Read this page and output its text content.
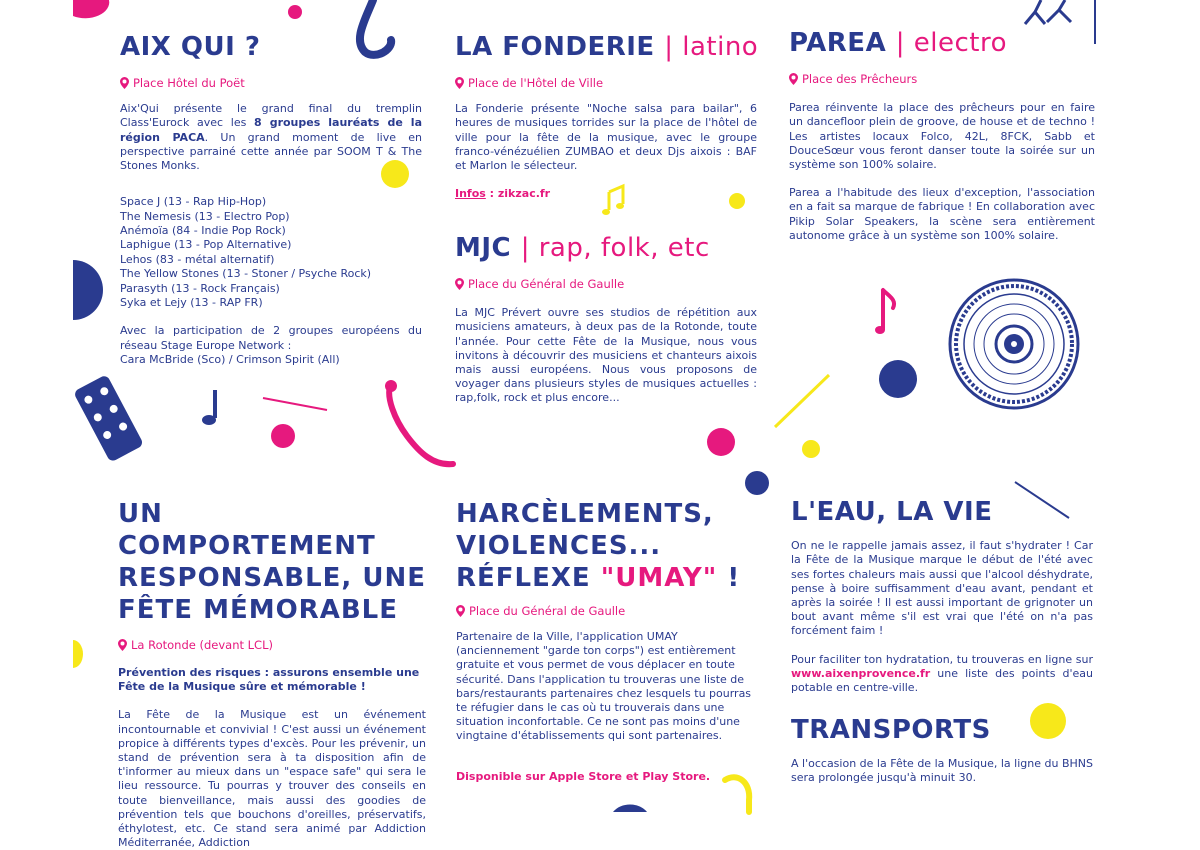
AIX QUI ?
Place Hôtel du Poët
Aix'Qui présente le grand final du tremplin Class'Eurock avec les 8 groupes lauréats de la région PACA. Un grand moment de live en perspective parrainé cette année par SOOM T & The Stones Monks.
Space J (13 - Rap Hip-Hop)
The Nemesis (13 - Electro Pop)
Anémoïa (84 - Indie Pop Rock)
Laphigue (13 - Pop Alternative)
Lehos (83 - métal alternatif)
The Yellow Stones (13 - Stoner / Psyche Rock)
Parasyth (13 - Rock Français)
Syka et Lejy (13 - RAP FR)
Avec la participation de 2 groupes européens du réseau Stage Europe Network :
Cara McBride (Sco) / Crimson Spirit (All)
LA FONDERIE | latino
Place de l'Hôtel de Ville
La Fonderie présente "Noche salsa para bailar", 6 heures de musiques torrides sur la place de l'hôtel de ville pour la fête de la musique, avec le groupe franco-vénézuélien ZUMBAO et deux Djs aixois : BAF et Marlon le sélecteur.
Infos : zikzac.fr
PAREA | electro
Place des Prêcheurs
Parea réinvente la place des prêcheurs pour en faire un dancefloor plein de groove, de house et de techno ! Les artistes locaux Folco, 42L, 8FCK, Sabb et DouceSœur vous feront danser toute la soirée sur un système son 100% solaire.
Parea a l'habitude des lieux d'exception, l'association en a fait sa marque de fabrique ! En collaboration avec Pikip Solar Speakers, la scène sera entièrement autonome grâce à un système son 100% solaire.
MJC | rap, folk, etc
Place du Général de Gaulle
La MJC Prévert ouvre ses studios de répétition aux musiciens amateurs, à deux pas de la Rotonde, toute l'année. Pour cette Fête de la Musique, nous vous invitons à découvrir des musiciens et chanteurs aixois mais aussi européens. Nous vous proposons de voyager dans plusieurs styles de musiques actuelles : rap,folk, rock et plus encore...
UN COMPORTEMENT
RESPONSABLE, UNE
FÊTE MÉMORABLE
La Rotonde (devant LCL)
Prévention des risques : assurons ensemble une Fête de la Musique sûre et mémorable !
La Fête de la Musique est un événement incontournable et convivial ! C'est aussi un événement propice à différents types d'excès. Pour les prévenir, un stand de prévention sera à ta disposition afin de t'informer au mieux dans un "espace safe" qui sera le lieu ressource. Tu pourras y trouver des conseils en toute bienveillance, mais aussi des goodies de prévention tels que bouchons d'oreilles, préservatifs, éthylotest, etc. Ce stand sera animé par Addiction Méditerranée, Addiction
HARCÈLEMENTS,
VIOLENCES...
RÉFLEXE "UMAY" !
Place du Général de Gaulle
Partenaire de la Ville, l'application UMAY (anciennement "garde ton corps") est entièrement gratuite et vous permet de vous déplacer en toute sécurité. Dans l'application tu trouveras une liste de bars/restaurants partenaires chez lesquels tu pourras te réfugier dans le cas où tu trouverais dans une situation inconfortable. Ce ne sont pas moins d'une vingtaine d'établissements qui sont partenaires.
Disponible sur Apple Store et Play Store.
L'EAU, LA VIE
On ne le rappelle jamais assez, il faut s'hydrater ! Car la Fête de la Musique marque le début de l'été avec ses fortes chaleurs mais aussi que l'alcool déshydrate, pense à boire suffisamment d'eau avant, pendant et après la soirée ! Il est aussi important de grignoter un bout avant même s'il est vrai que l'été on n'a pas forcément faim !
Pour faciliter ton hydratation, tu trouveras en ligne sur www.aixenprovence.fr une liste des points d'eau potable en centre-ville.
TRANSPORTS
A l'occasion de la Fête de la Musique, la ligne du BHNS sera prolongée jusqu'à minuit 30.
